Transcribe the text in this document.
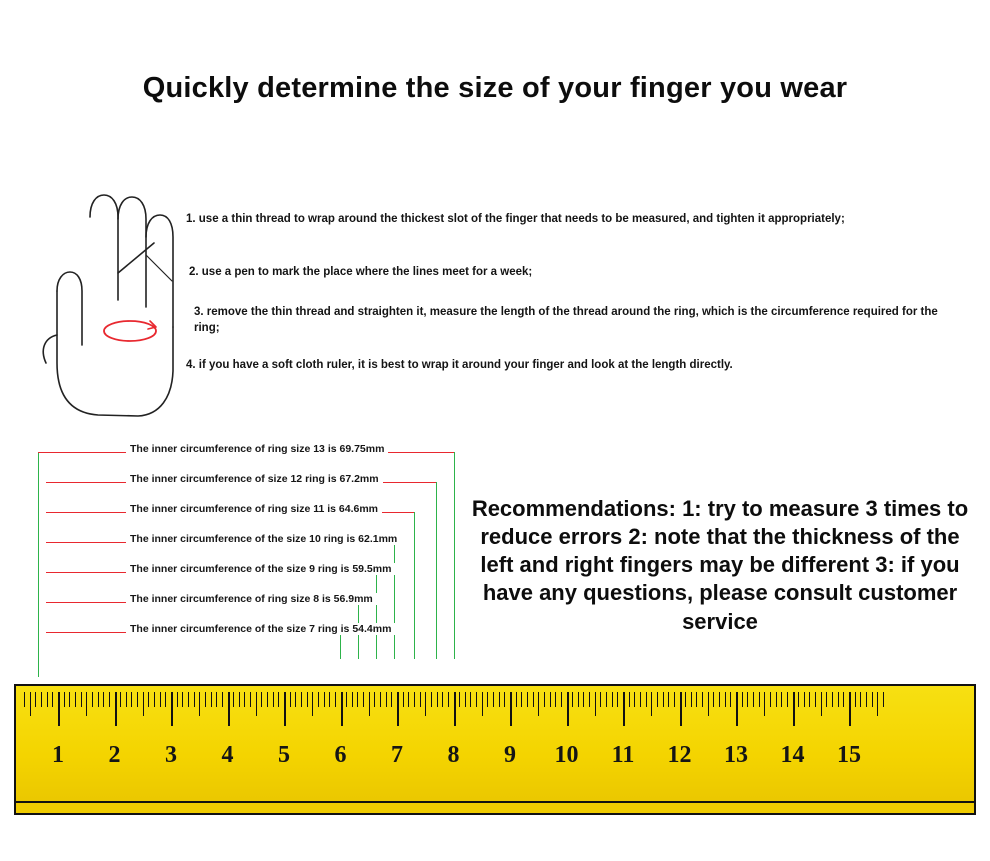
Quickly determine the size of your finger you wear
1. use a thin thread to wrap around the thickest slot of the finger that needs to be measured, and tighten it appropriately;
2. use a pen to mark the place where the lines meet for a week;
3. remove the thin thread and straighten it, measure the length of the thread around the ring, which is the circumference required for the ring;
4. if you have a soft cloth ruler, it is best to wrap it around your finger and look at the length directly.
The inner circumference of ring size 13 is 69.75mm
The inner circumference of size 12 ring is 67.2mm
The inner circumference of ring size 11 is 64.6mm
The inner circumference of the size 10 ring is 62.1mm
The inner circumference of the size 9 ring is 59.5mm
The inner circumference of ring size 8 is 56.9mm
The inner circumference of the size 7 ring is 54.4mm
Recommendations: 1: try to measure 3 times to reduce errors 2: note that the thickness of the left and right fingers may be different 3: if you have any questions, please consult customer service
1 2 3 4 5 6 7 8 9 10 11 12 13 14 15
